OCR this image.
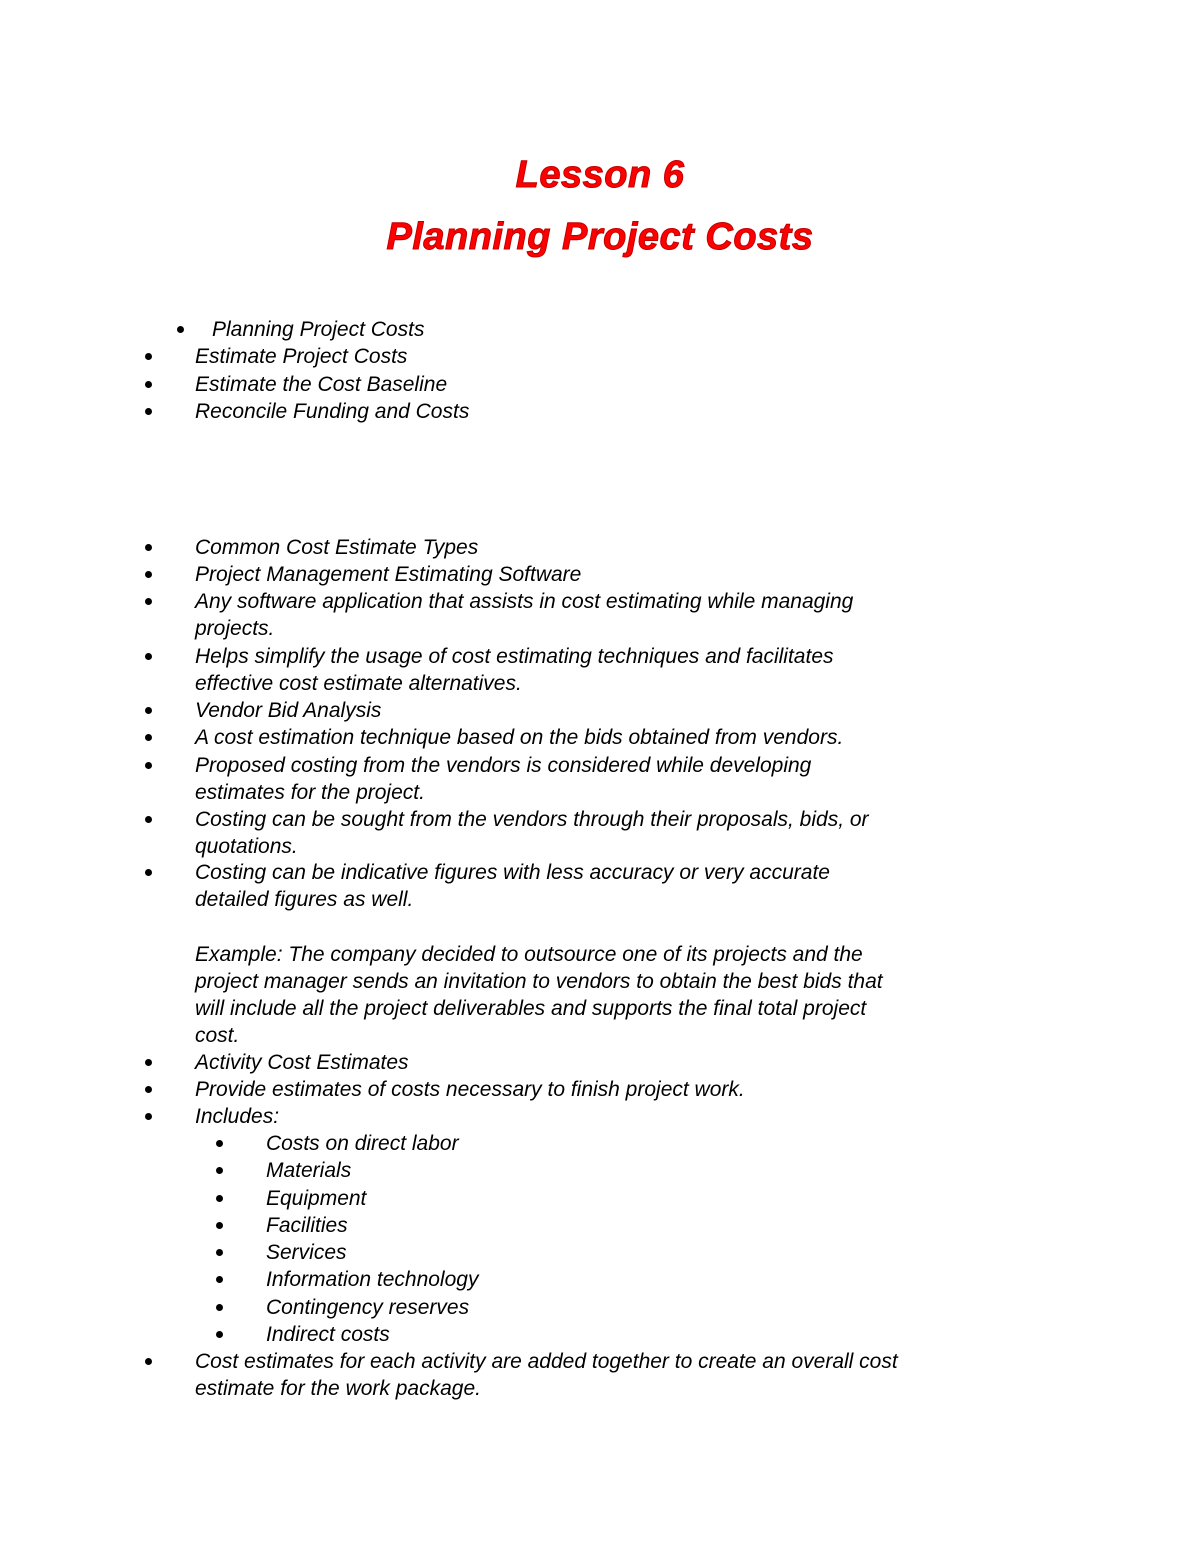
Lesson 6
Planning Project Costs
Planning Project Costs
Estimate Project Costs
Estimate the Cost Baseline
Reconcile Funding and Costs
Common Cost Estimate Types
Project Management Estimating Software
Any software application that assists in cost estimating while managing
projects.
Helps simplify the usage of cost estimating techniques and facilitates
effective cost estimate alternatives.
Vendor Bid Analysis
A cost estimation technique based on the bids obtained from vendors.
Proposed costing from the vendors is considered while developing
estimates for the project.
Costing can be sought from the vendors through their proposals, bids, or
quotations.
Costing can be indicative figures with less accuracy or very accurate
detailed figures as well.
Example: The company decided to outsource one of its projects and the
project manager sends an invitation to vendors to obtain the best bids that
will include all the project deliverables and supports the final total project
cost.
Activity Cost Estimates
Provide estimates of costs necessary to finish project work.
Includes:
Costs on direct labor
Materials
Equipment
Facilities
Services
Information technology
Contingency reserves
Indirect costs
Cost estimates for each activity are added together to create an overall cost
estimate for the work package.
